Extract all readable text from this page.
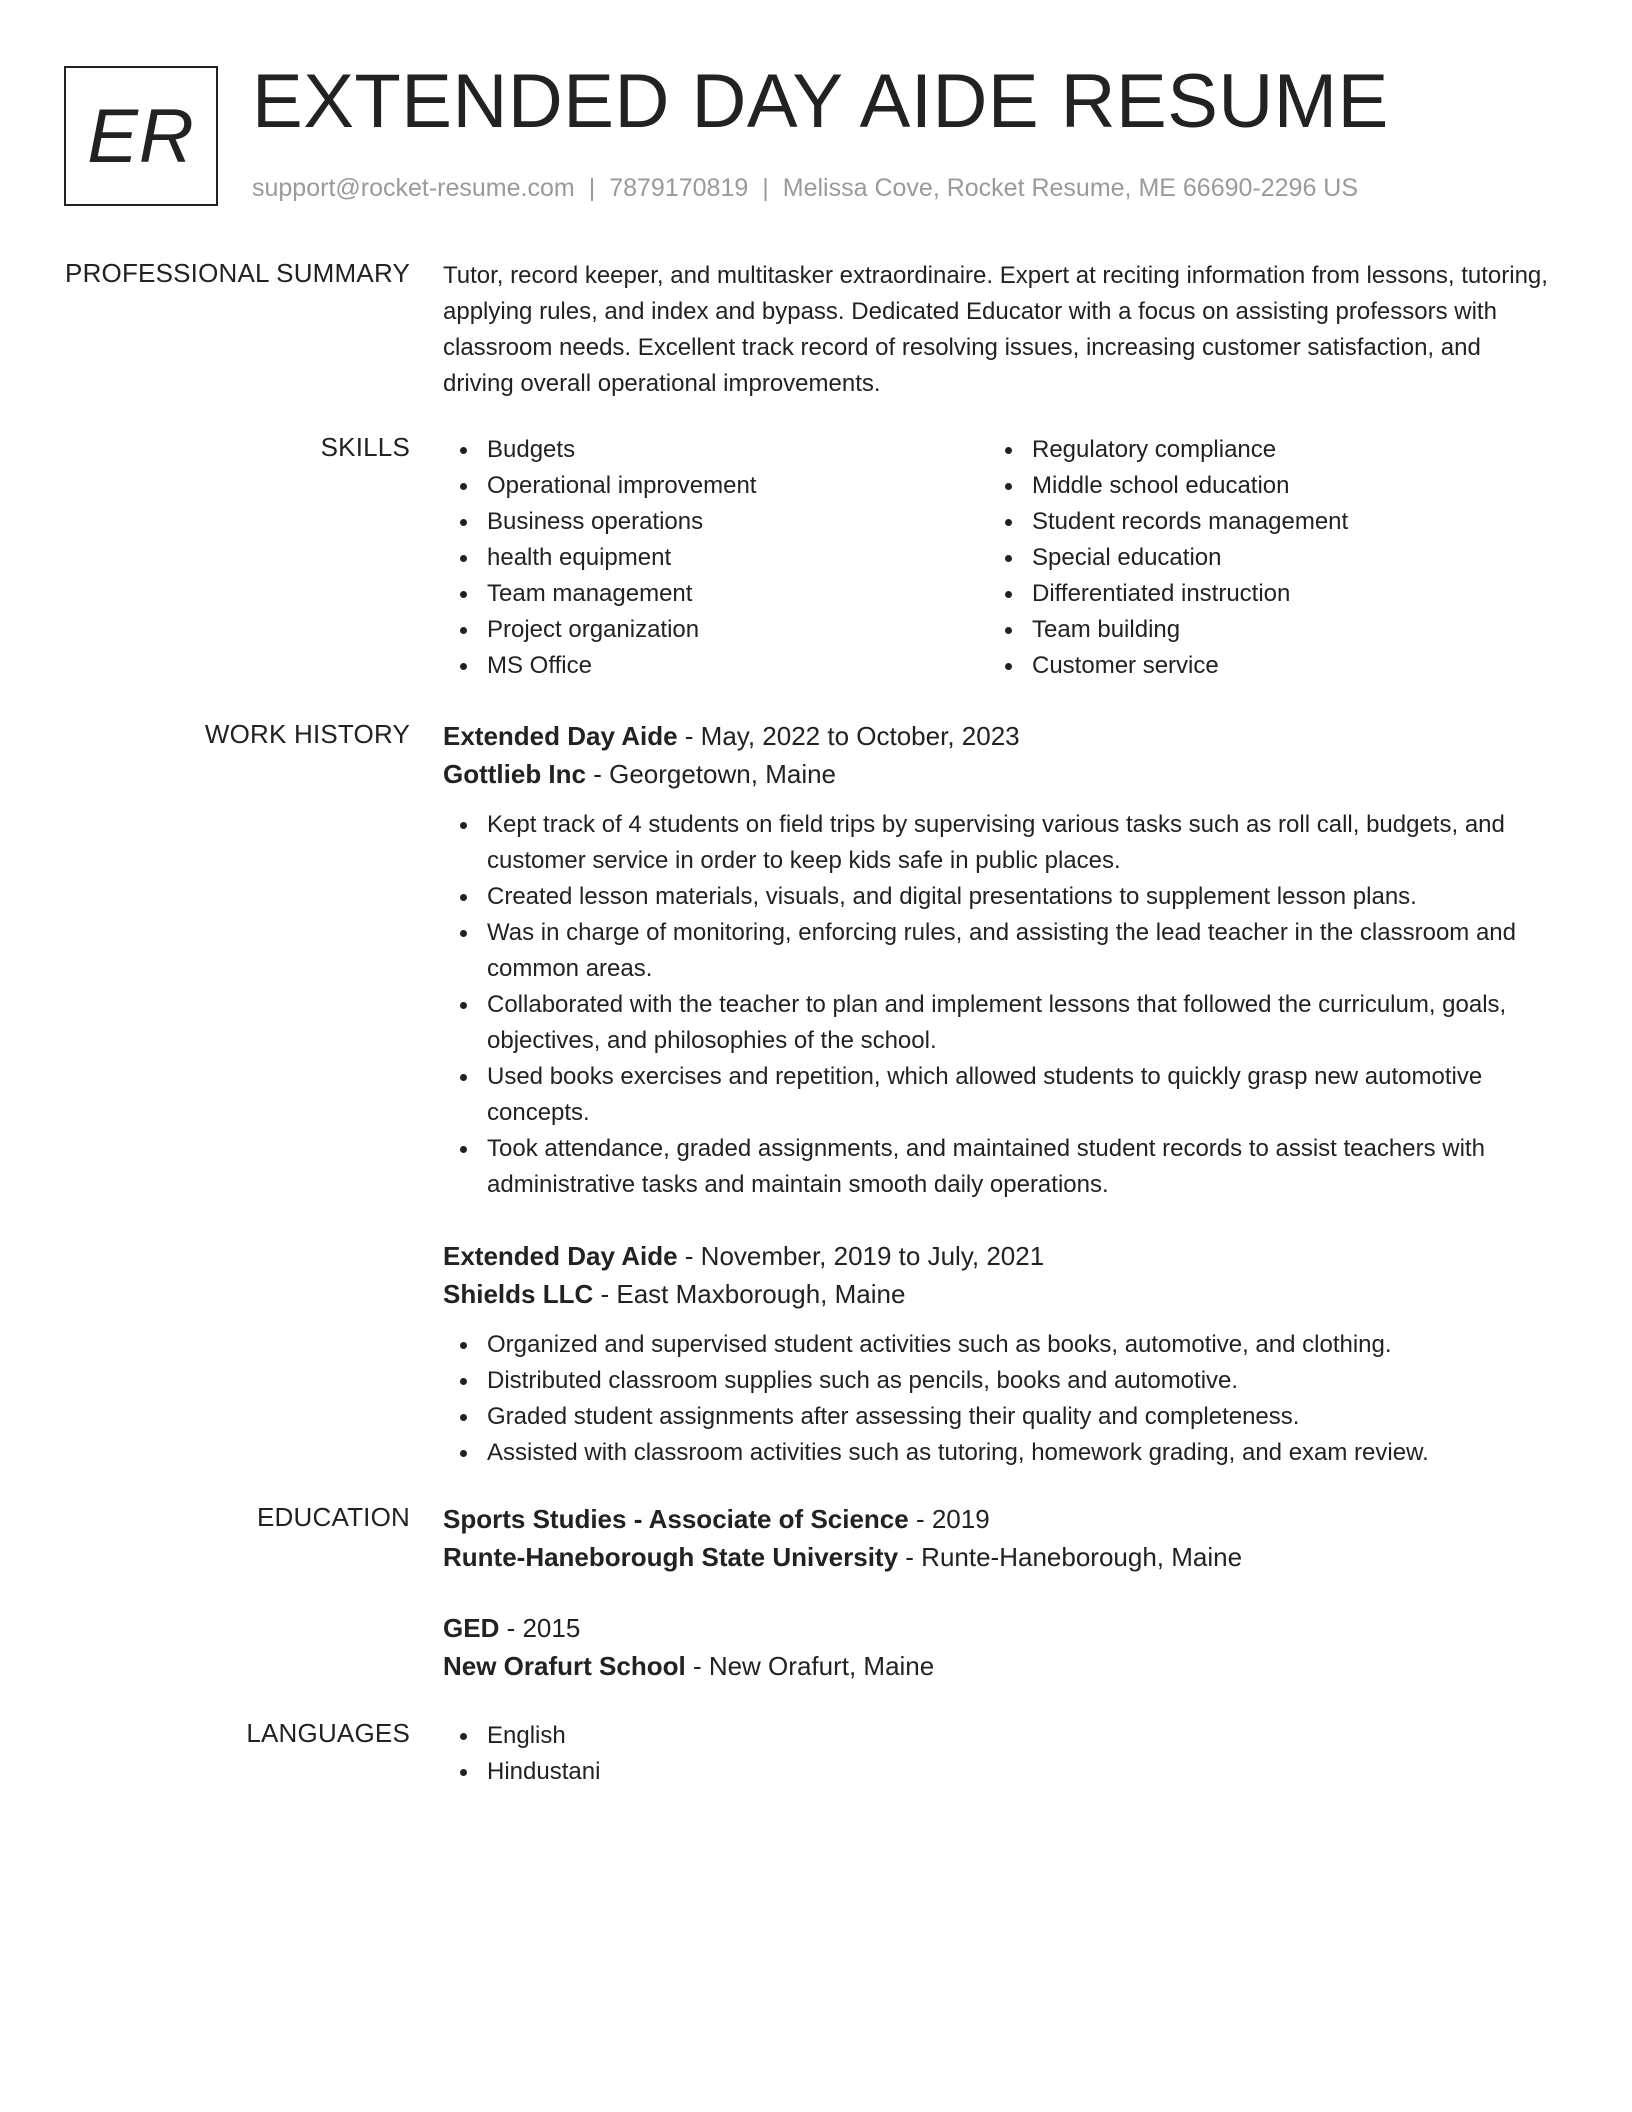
ER EXTENDED DAY AIDE RESUME
support@rocket-resume.com | 7879170819 | Melissa Cove, Rocket Resume, ME 66690-2296 US
PROFESSIONAL SUMMARY Tutor, record keeper, and multitasker extraordinaire. Expert at reciting information from lessons, tutoring, applying rules, and index and bypass. Dedicated Educator with a focus on assisting professors with classroom needs. Excellent track record of resolving issues, increasing customer satisfaction, and driving overall operational improvements.

SKILLS	Budgets
Operational improvement
Business operations
health equipment
Team management
Project organization
MS Office
Regulatory compliance
Middle school education
Student records management
Special education
Differentiated instruction
Team building
Customer service
WORK HISTORY Extended Day Aide - May, 2022 to October, 2023
Gottlieb Inc - Georgetown, Maine
Kept track of 4 students on field trips by supervising various tasks such as roll call, budgets, and customer service in order to keep kids safe in public places.
Created lesson materials, visuals, and digital presentations to supplement lesson plans.
Was in charge of monitoring, enforcing rules, and assisting the lead teacher in the classroom and common areas.
Collaborated with the teacher to plan and implement lessons that followed the curriculum, goals, objectives, and philosophies of the school.
Used books exercises and repetition, which allowed students to quickly grasp new automotive concepts.
Took attendance, graded assignments, and maintained student records to assist teachers with administrative tasks and maintain smooth daily operations.
Extended Day Aide - November, 2019 to July, 2021
Shields LLC - East Maxborough, Maine
Organized and supervised student activities such as books, automotive, and clothing.
Distributed classroom supplies such as pencils, books and automotive.
Graded student assignments after assessing their quality and completeness.
Assisted with classroom activities such as tutoring, homework grading, and exam review.
EDUCATION Sports Studies - Associate of Science - 2019
Runte-Haneborough State University - Runte-Haneborough, Maine
GED - 2015
New Orafurt School - New Orafurt, Maine
LANGUAGES	English
Hindustani
